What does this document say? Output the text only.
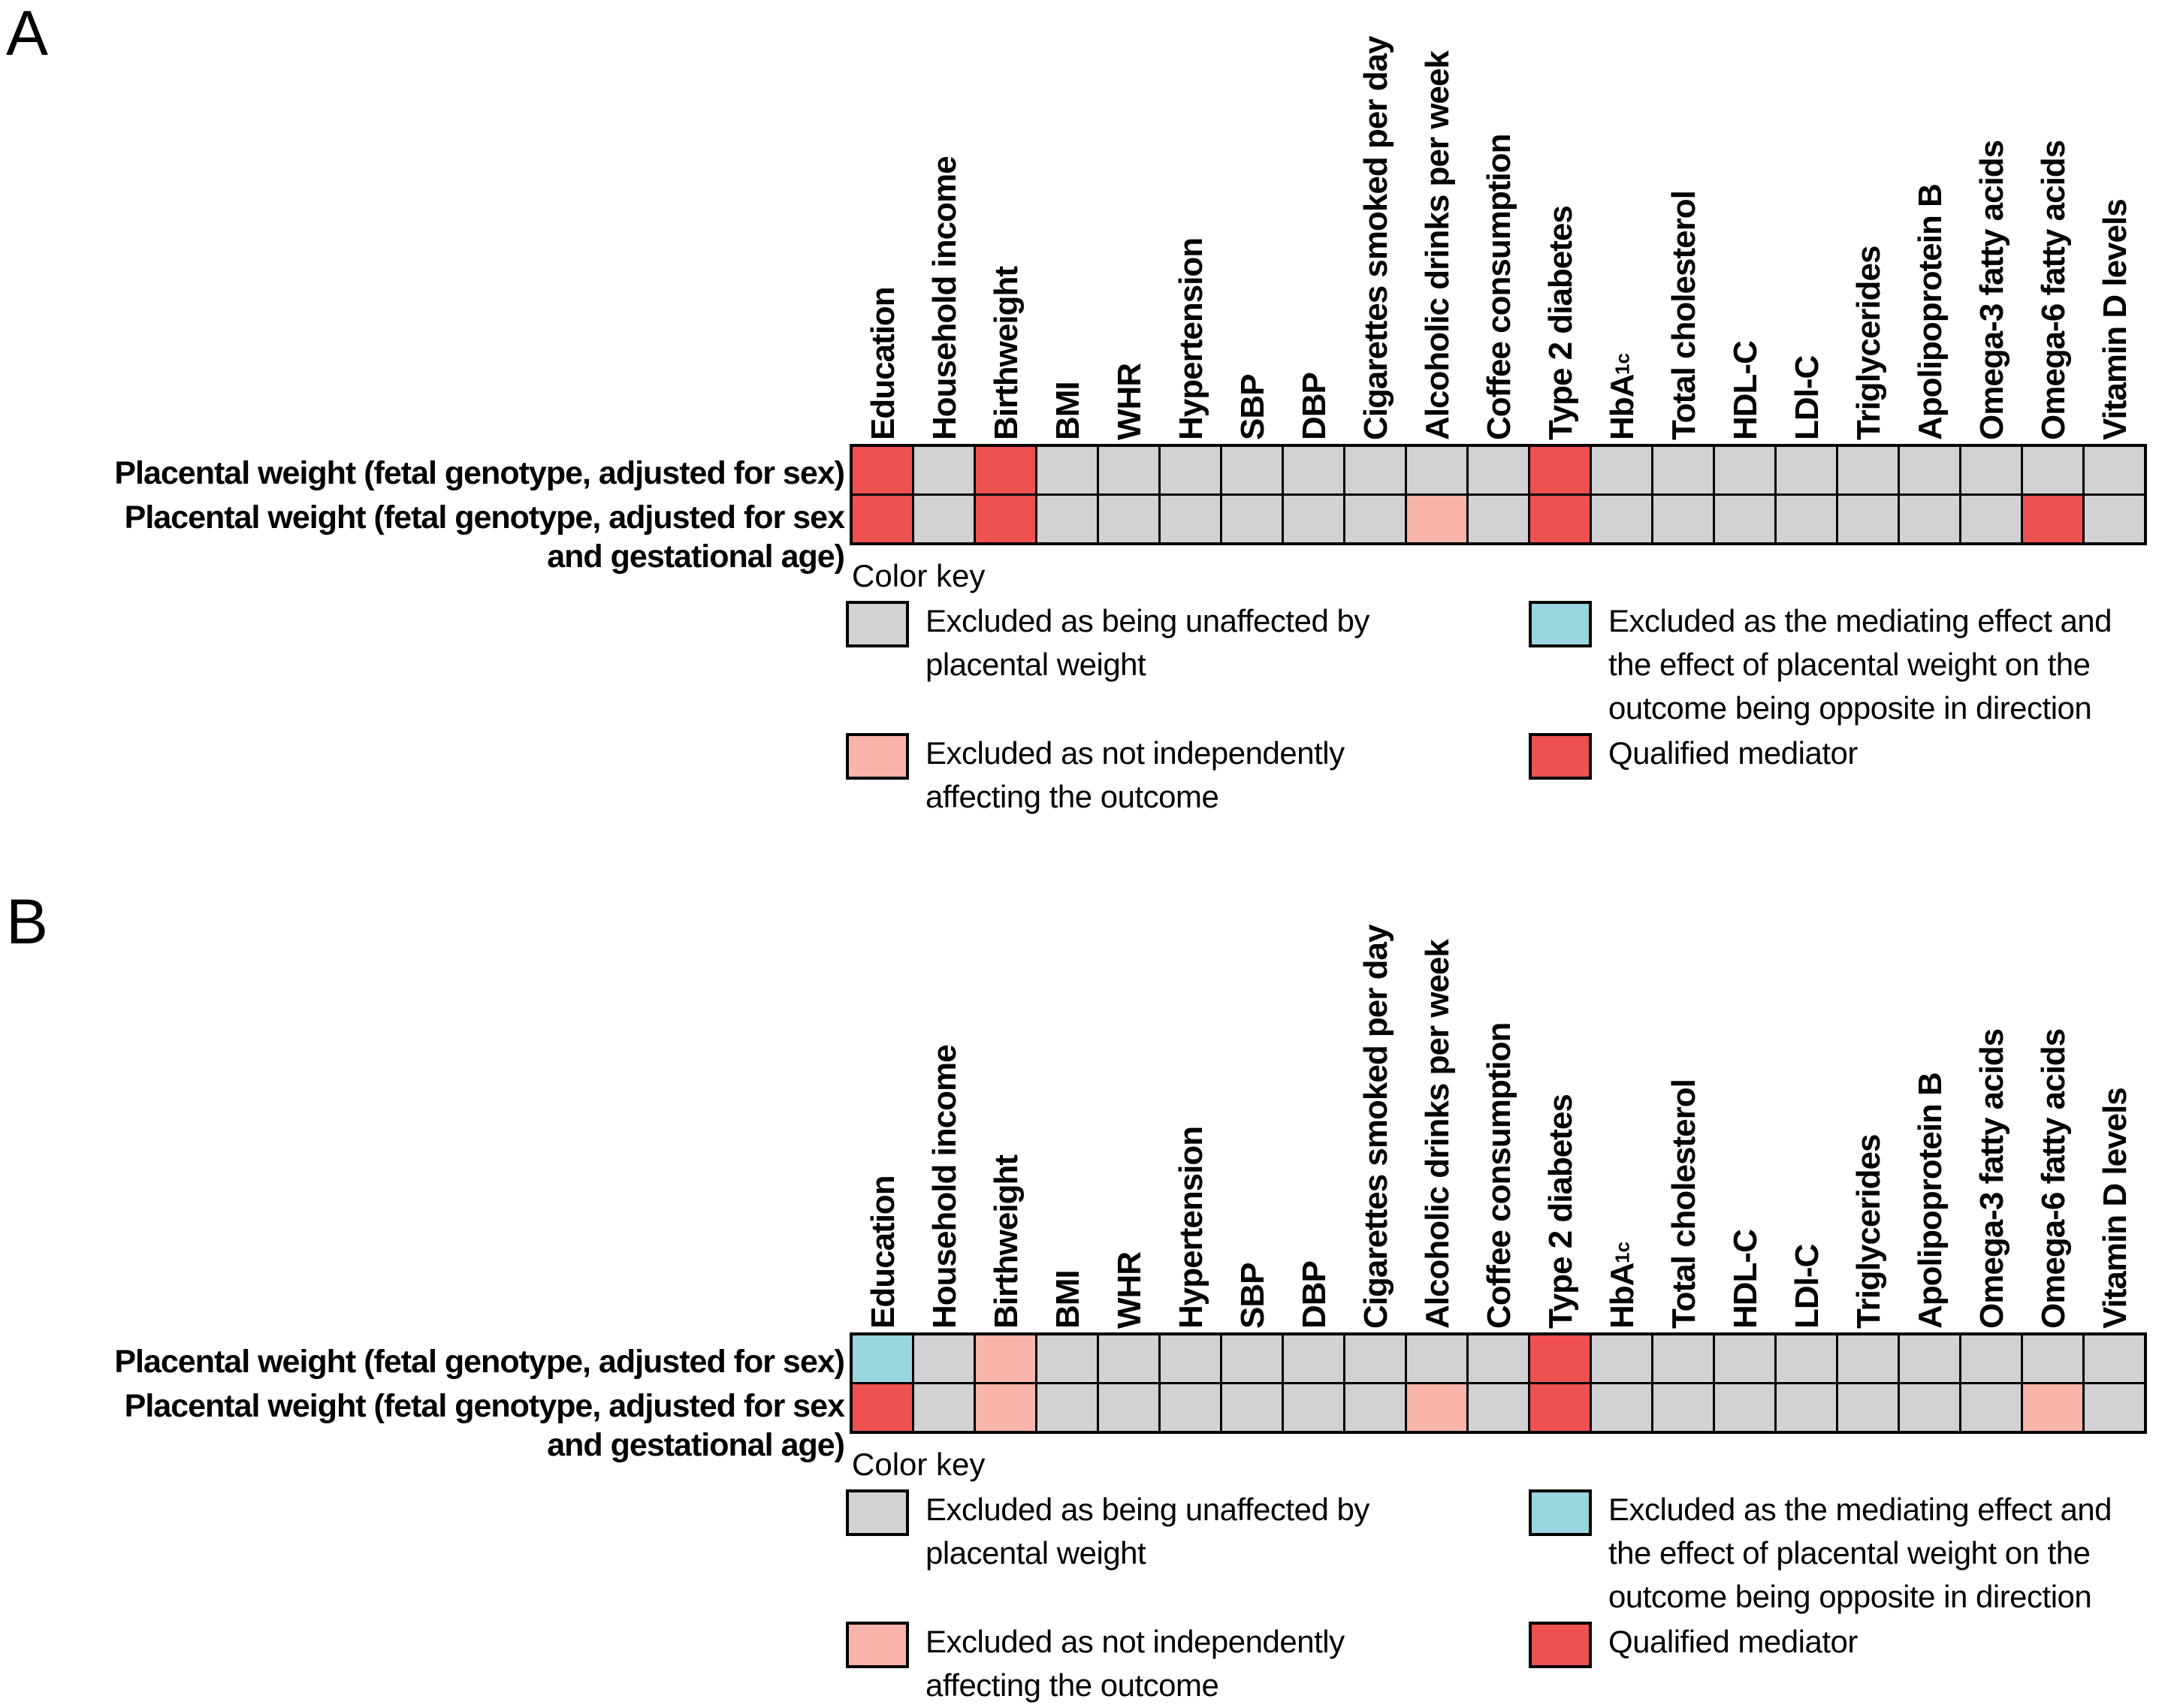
A
Education Household income Birthweight BMI WHR Hypertension SBP DBP Cigarettes smoked per day Alcoholic drinks per week Coffee consumption Type 2 diabetes HbA
1c Total cholesterol HDL-C LDl-C Triglycerides Apolipoprotein B Omega-3 fatty acids Omega-6 fatty acids Vitamin D levels
Placental weight (fetal genotype, adjusted for sex)
Placental weight (fetal genotype, adjusted for sex
and gestational age)
Color key
Excluded as being unaffected by
placental weight
Excluded as not independently
affecting the outcome
Excluded as the mediating effect and
the effect of placental weight on the
outcome being opposite in direction
Qualified mediator
B
Education Household income Birthweight BMI WHR Hypertension SBP DBP Cigarettes smoked per day Alcoholic drinks per week Coffee consumption Type 2 diabetes HbA
1c Total cholesterol HDL-C LDl-C Triglycerides Apolipoprotein B Omega-3 fatty acids Omega-6 fatty acids Vitamin D levels
Placental weight (fetal genotype, adjusted for sex)
Placental weight (fetal genotype, adjusted for sex
and gestational age)
Color key
Excluded as being unaffected by
placental weight
Excluded as not independently
affecting the outcome
Excluded as the mediating effect and
the effect of placental weight on the
outcome being opposite in direction
Qualified mediator
